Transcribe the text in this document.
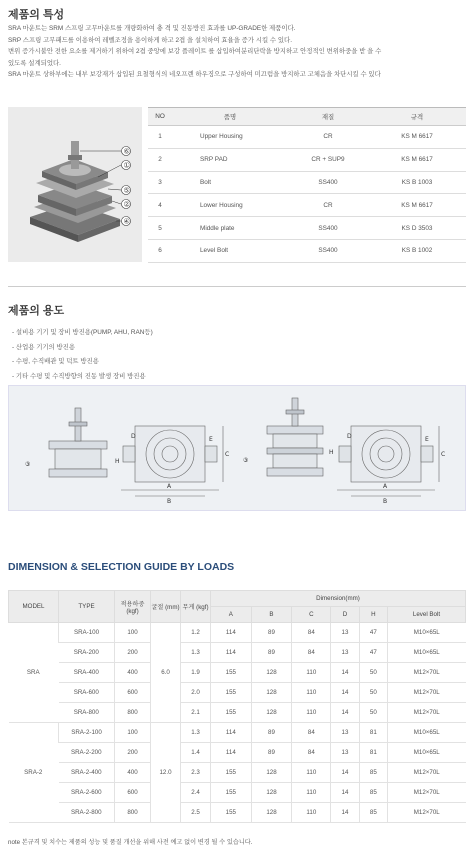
제품의 특성
SRA 마운트는 SRM 스프링 고무마운트를 개량화하여 충 격 및 진동방진 효과를 UP-GRADE한 제품이다.
SRP 스프링 고무패드를 이용하여 레벨조정을 용이하게 하고 2겹 을 설치하여 효율을 증가 시킬 수 있다.
변위 증가시불안 전한 요소를 제거하기 위하여 2겹 중앙에 보강 플레이트 를 삽입하여분리단락을 방지하고 안정적인 변위하중을 받 을 수
있도록 설계되었다.
SRA 마운트 상하부에는 내부 보강재가 삽입된 요철형식의 네오프렌 하우징으로 구성하여 미끄럼을 방지하고 고체음을 차단시킬 수 있다
⑥
①
⑤
②
④
NO	품명	재질	규격
1	Upper Housing	CR	KS M 6617
2	SRP PAD	CR + SUP9	KS M 6617
3	Bolt	SS400	KS B 1003
4	Lower Housing	CR	KS M 6617
5	Middle plate	SS400	KS D 3503
6	Level Bolt	SS400	KS B 1002
제품의 용도
- 설비용 기기 및 장비 방진용(PUMP, AHU, RAN등)
- 산업용 기기의 방진용
- 수평, 수직배관 및 덕트 방진용
- 기타 수평 및 수직방향의 진동 발생 장비 방진용
③	H
A
B
C
E
D
③
H
A
B
C
E
D
DIMENSION & SELECTION GUIDE BY LOADS
MODEL	TYPE	적용하중 (kgf)	굴절 (mm)	무게 (kgf)	Dimension(mm)					
					A	B	C	D	H	Level Bolt
SRA	SRA-100	100	6.0	1.2	114	89	84	13	47	M10×65L
	SRA-200	200		1.3	114	89	84	13	47	M10×65L
	SRA-400	400		1.9	155	128	110	14	50	M12×70L
	SRA-600	600		2.0	155	128	110	14	50	M12×70L
	SRA-800	800		2.1	155	128	110	14	50	M12×70L
SRA-2	SRA-2-100	100	12.0	1.3	114	89	84	13	81	M10×65L
	SRA-2-200	200		1.4	114	89	84	13	81	M10×65L
	SRA-2-400	400		2.3	155	128	110	14	85	M12×70L
	SRA-2-600	600		2.4	155	128	110	14	85	M12×70L
	SRA-2-800	800		2.5	155	128	110	14	85	M12×70L
note 본규격 및 치수는 제품의 성능 및 품질 개선을 위해 사전 예고 없이 변경 될 수 있습니다.
